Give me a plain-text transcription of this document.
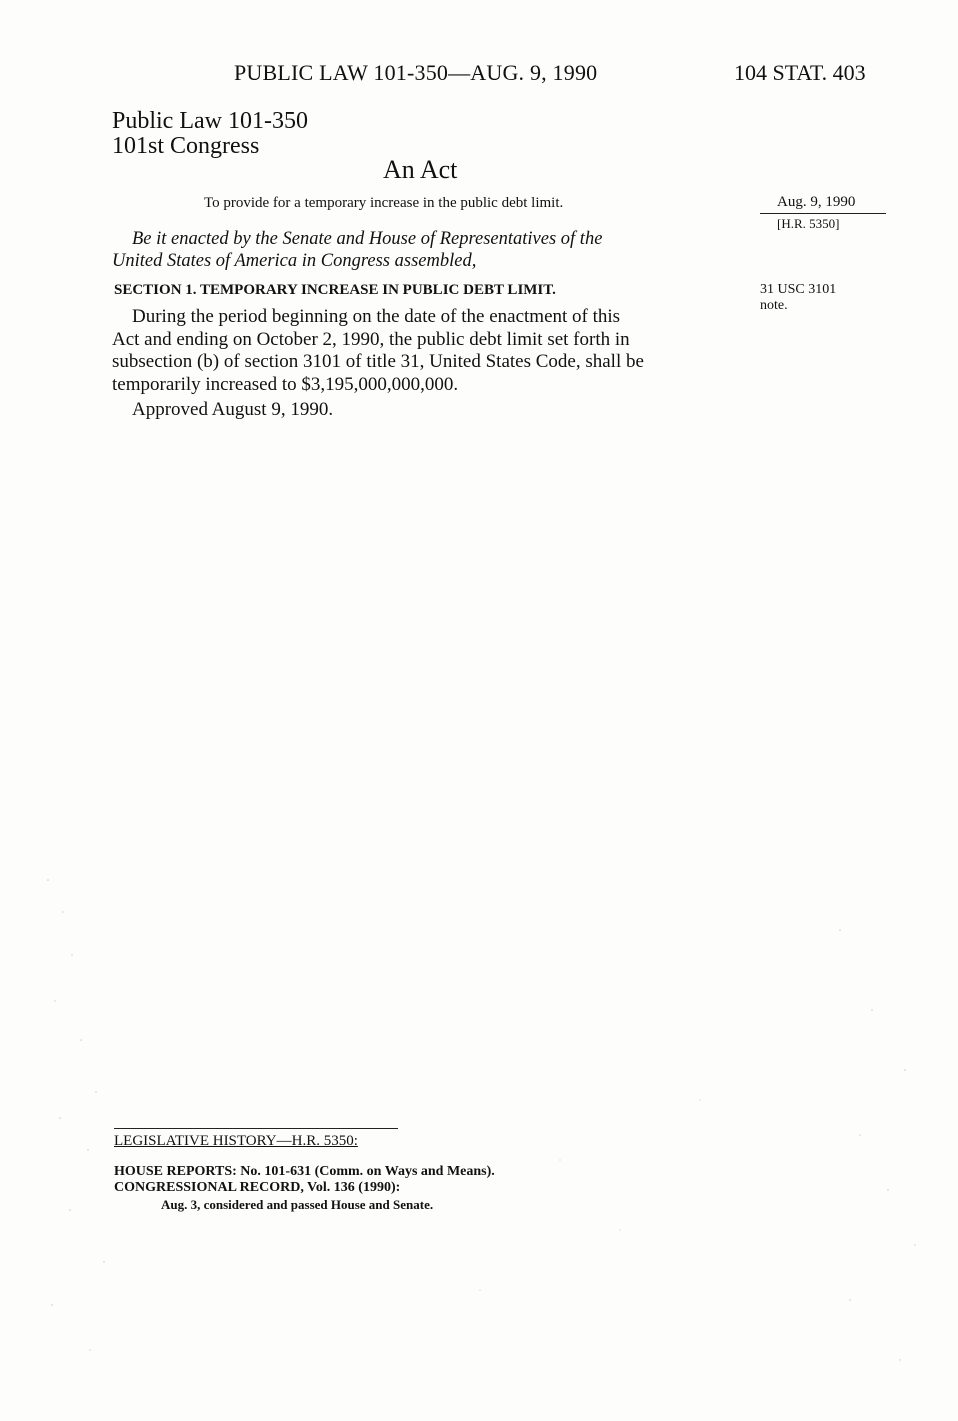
PUBLIC LAW 101-350—AUG. 9, 1990	104 STAT. 403
Public Law 101-350
101st Congress
An Act
To provide for a temporary increase in the public debt limit.
Be it enacted by the Senate and House of Representatives of the
United States of America in Congress assembled,
SECTION 1. TEMPORARY INCREASE IN PUBLIC DEBT LIMIT.
During the period beginning on the date of the enactment of this
Act and ending on October 2, 1990, the public debt limit set forth in
subsection (b) of section 3101 of title 31, United States Code, shall be
temporarily increased to $3,195,000,000,000.
Approved August 9, 1990.
Aug. 9, 1990
[H.R. 5350]
31 USC 3101
note.
LEGISLATIVE HISTORY—H.R. 5350:
HOUSE REPORTS: No. 101-631 (Comm. on Ways and Means).
CONGRESSIONAL RECORD, Vol. 136 (1990):
Aug. 3, considered and passed House and Senate.
